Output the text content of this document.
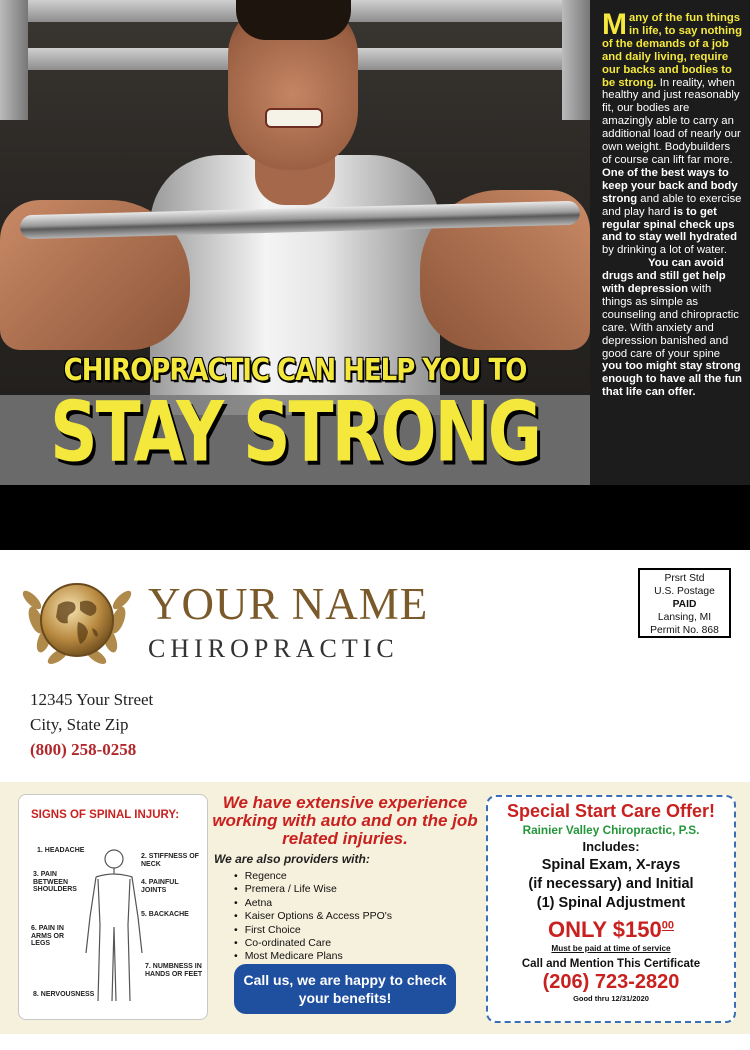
CHIROPRACTIC CAN HELP YOU TO
STAY STRONG

Many of the fun things in life, to say nothing of the demands of a job and daily living, require our backs and bodies to be strong. In reality, when healthy and just reasonably fit, our bodies are amazingly able to carry an additional load of nearly our own weight. Bodybuilders of course can lift far more. One of the best ways to keep your back and body strong and able to exercise and play hard is to get regular spinal check ups and to stay well hydrated by drinking a lot of water.

You can avoid drugs and still get help with depression with things as simple as counseling and chiropractic care. With anxiety and depression banished and good care of your spine you too might stay strong enough to have all the fun that life can offer.

YOUR NAME
CHIROPRACTIC
Prsrt Std
U.S. Postage
PAID
Lansing, MI
Permit No. 868
12345 Your Street
City, State Zip
(800) 258-0258
SIGNS OF SPINAL INJURY:
1. HEADACHE
2. STIFFNESS OF NECK
3. PAIN BETWEEN SHOULDERS
4. PAINFUL JOINTS
5. BACKACHE
6. PAIN IN ARMS OR LEGS
7. NUMBNESS IN HANDS OR FEET
8. NERVOUSNESS
We have extensive experience working with auto and on the job related injuries.
We are also providers with:
• Regence
• Premera / Life Wise
• Aetna
• Kaiser Options & Access PPO's
• First Choice
• Co-ordinated Care
• Most Medicare Plans
Call us, we are happy to check your benefits!
Special Start Care Offer!
Rainier Valley Chiropractic, P.S.
Includes:
Spinal Exam, X-rays
(if necessary) and Initial
(1) Spinal Adjustment
ONLY $\$150^{00}$
Must be paid at time of service
Call and Mention This Certificate
(206) 723-2820
Good thru 12/31/2020
